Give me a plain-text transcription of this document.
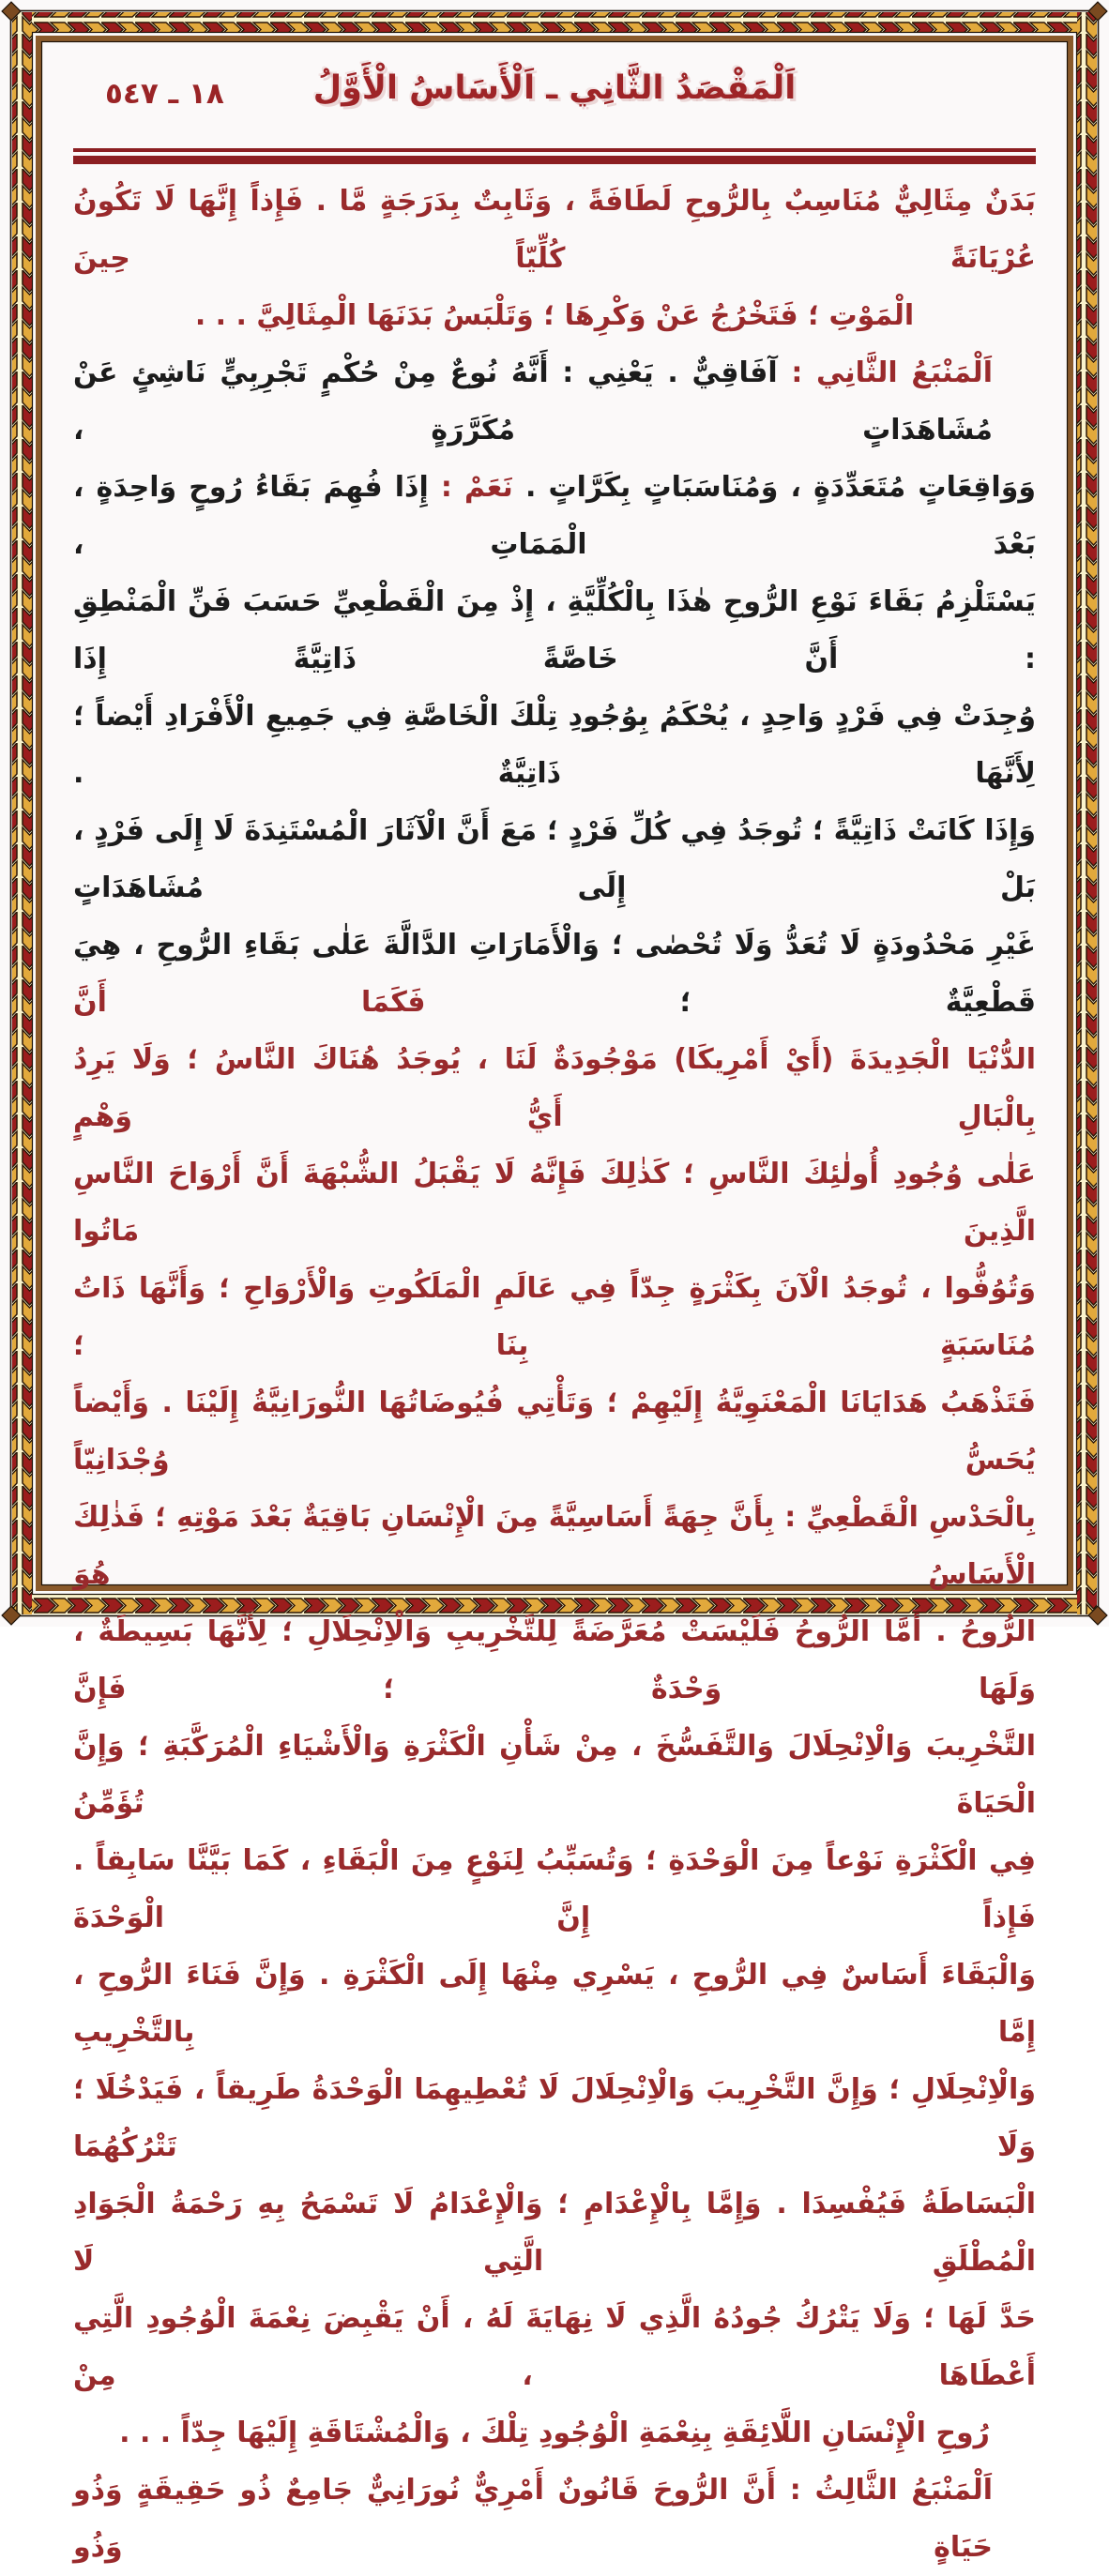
١٨ ـ ٥٤٧	اَلْمَقْصَدُ الثَّانِي ـ اَلْأَسَاسُ الْأَوَّلُ
بَدَنٌ مِثَالِيٌّ مُنَاسِبٌ بِالرُّوحِ لَطَافَةً ، وَثَابِتٌ بِدَرَجَةٍ مَّا . فَإِذاً إِنَّهَا لَا تَكُونُ عُرْيَانَةً كُلِّيّاً حِينَ
الْمَوْتِ ؛ فَتَخْرُجُ عَنْ وَكْرِهَا ؛ وَتَلْبَسُ بَدَنَهَا الْمِثَالِيَّ . . .
اَلْمَنْبَعُ الثَّانِي : آفَاقِيٌّ . يَعْنِي : أَنَّهُ نُوعٌ مِنْ حُكْمٍ تَجْرِبِيٍّ نَاشِئٍ عَنْ مُشَاهَدَاتٍ مُكَرَّرَةٍ ،
وَوَاقِعَاتٍ مُتَعَدِّدَةٍ ، وَمُنَاسَبَاتٍ بِكَرَّاتٍ . نَعَمْ : إِذَا فُهِمَ بَقَاءُ رُوحٍ وَاحِدَةٍ ، بَعْدَ الْمَمَاتِ ،
يَسْتَلْزِمُ بَقَاءَ نَوْعِ الرُّوحِ هٰذَا بِالْكُلِّيَّةِ ، إِذْ مِنَ الْقَطْعِيِّ حَسَبَ فَنِّ الْمَنْطِقِ : أَنَّ خَاصَّةً ذَاتِيَّةً إِذَا
وُجِدَتْ فِي فَرْدٍ وَاحِدٍ ، يُحْكَمُ بِوُجُودِ تِلْكَ الْخَاصَّةِ فِي جَمِيعِ الْأَفْرَادِ أَيْضاً ؛ لِأَنَّهَا ذَاتِيَّةٌ .
وَإِذَا كَانَتْ ذَاتِيَّةً ؛ تُوجَدُ فِي كُلِّ فَرْدٍ ؛ مَعَ أَنَّ الْآثَارَ الْمُسْتَنِدَةَ لَا إِلَى فَرْدٍ ، بَلْ إِلَى مُشَاهَدَاتٍ
غَيْرِ مَحْدُودَةٍ لَا تُعَدُّ وَلَا تُحْصٰى ؛ وَالْأَمَارَاتِ الدَّالَّةَ عَلٰى بَقَاءِ الرُّوحِ ، هِيَ قَطْعِيَّةٌ ؛ فَكَمَا أَنَّ
الدُّنْيَا الْجَدِيدَةَ (أَيْ أَمْرِيكَا) مَوْجُودَةٌ لَنَا ، يُوجَدُ هُنَاكَ النَّاسُ ؛ وَلَا يَرِدُ بِالْبَالِ أَيُّ وَهْمٍ
عَلٰى وُجُودِ أُولٰئِكَ النَّاسِ ؛ كَذٰلِكَ فَإِنَّهُ لَا يَقْبَلُ الشُّبْهَةَ أَنَّ أَرْوَاحَ النَّاسِ الَّذِينَ مَاتُوا
وَتُوُفُّوا ، تُوجَدُ الْآنَ بِكَثْرَةٍ جِدّاً فِي عَالَمِ الْمَلَكُوتِ وَالْأَرْوَاحِ ؛ وَأَنَّهَا ذَاتُ مُنَاسَبَةٍ بِنَا ؛
فَتَذْهَبُ هَدَايَانَا الْمَعْنَوِيَّةُ إِلَيْهِمْ ؛ وَتَأْتِي فُيُوضَاتُهَا النُّورَانِيَّةُ إِلَيْنَا . وَأَيْضاً يُحَسُّ وُجْدَانِيّاً
بِالْحَدْسِ الْقَطْعِيِّ : بِأَنَّ جِهَةً أَسَاسِيَّةً مِنَ الْإِنْسَانِ بَاقِيَةٌ بَعْدَ مَوْتِهِ ؛ فَذٰلِكَ الْأَسَاسُ هُوَ
الرُّوحُ . أَمَّا الرُّوحُ فَلَيْسَتْ مُعَرَّضَةً لِلتَّخْرِيبِ وَالْاِنْحِلَالِ ؛ لِأَنَّهَا بَسِيطَةٌ ، وَلَهَا وَحْدَةٌ ؛ فَإِنَّ
التَّخْرِيبَ وَالْاِنْحِلَالَ وَالتَّفَسُّخَ ، مِنْ شَأْنِ الْكَثْرَةِ وَالْأَشْيَاءِ الْمُرَكَّبَةِ ؛ وَإِنَّ الْحَيَاةَ تُؤَمِّنُ
فِي الْكَثْرَةِ نَوْعاً مِنَ الْوَحْدَةِ ؛ وَتُسَبِّبُ لِنَوْعٍ مِنَ الْبَقَاءِ ، كَمَا بَيَّنَّا سَابِقاً . فَإِذاً إِنَّ الْوَحْدَةَ
وَالْبَقَاءَ أَسَاسٌ فِي الرُّوحِ ، يَسْرِي مِنْهَا إِلَى الْكَثْرَةِ . وَإِنَّ فَنَاءَ الرُّوحِ ، إِمَّا بِالتَّخْرِيبِ
وَالْاِنْحِلَالِ ؛ وَإِنَّ التَّخْرِيبَ وَالْاِنْحِلَالَ لَا تُعْطِيهِمَا الْوَحْدَةُ طَرِيقاً ، فَيَدْخُلَا ؛ وَلَا تَتْرُكُهُمَا
الْبَسَاطَةُ فَيُفْسِدَا . وَإِمَّا بِالْإِعْدَامِ ؛ وَالْإِعْدَامُ لَا تَسْمَحُ بِهِ رَحْمَةُ الْجَوَادِ الْمُطْلَقِ الَّتِي لَا
حَدَّ لَهَا ؛ وَلَا يَتْرُكُ جُودُهُ الَّذِي لَا نِهَايَةَ لَهُ ، أَنْ يَقْبِضَ نِعْمَةَ الْوُجُودِ الَّتِي أَعْطَاهَا ، مِنْ
رُوحِ الْإِنْسَانِ اللَّائِقَةِ بِنِعْمَةِ الْوُجُودِ تِلْكَ ، وَالْمُشْتَاقَةِ إِلَيْهَا جِدّاً . . .
اَلْمَنْبَعُ الثَّالِثُ : أَنَّ الرُّوحَ قَانُونٌ أَمْرِيٌّ نُورَانِيٌّ جَامِعٌ ذُو حَقِيقَةٍ وَذُو حَيَاةٍ وَذُو
